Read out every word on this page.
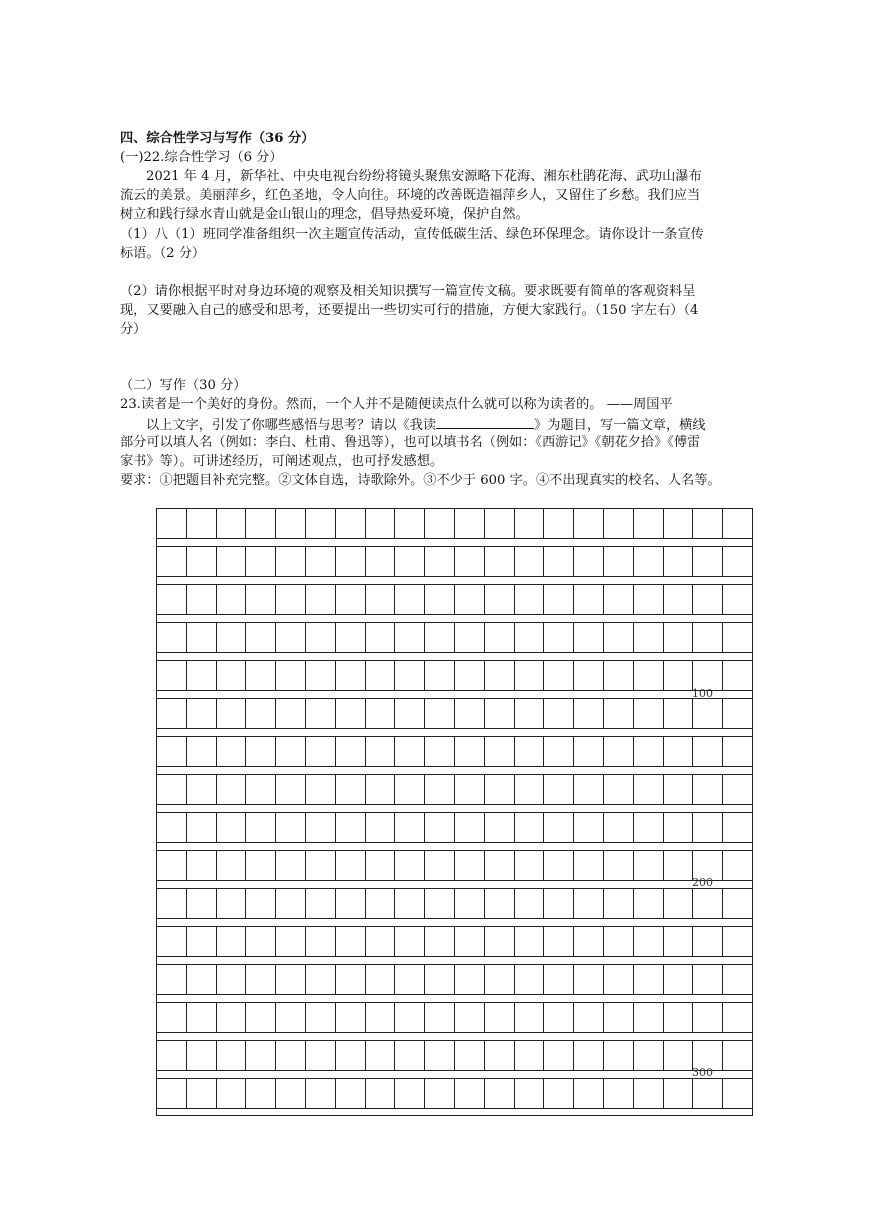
四、综合性学习与写作（36 分）
(一)22.综合性学习（6 分）
2021 年 4 月，新华社、中央电视台纷纷将镜头聚焦安源略下花海、湘东杜鹃花海、武功山瀑布
流云的美景。美丽萍乡，红色圣地，令人向往。环境的改善既造福萍乡人，又留住了乡愁。我们应当
树立和践行绿水青山就是金山银山的理念，倡导热爱环境，保护自然。
（1）八（1）班同学准备组织一次主题宣传活动，宣传低碳生活、绿色环保理念。请你设计一条宣传
标语。（2 分）
（2）请你根据平时对身边环境的观察及相关知识撰写一篇宣传文稿。要求既要有简单的客观资料呈
现，又要融入自己的感受和思考，还要提出一些切实可行的措施，方便大家践行。（150 字左右）（4
分）
（二）写作（30 分）
23.读者是一个美好的身份。然而，一个人并不是随便读点什么就可以称为读者的。 ——周国平
以上文字，引发了你哪些感悟与思考？请以《我读	》为题目，写一篇文章，横线
部分可以填人名（例如：李白、杜甫、鲁迅等），也可以填书名（例如：《西游记》《朝花夕拾》《傅雷
家书》等）。可讲述经历，可阐述观点，也可抒发感想。
要求：①把题目补充完整。②文体自选，诗歌除外。③不少于 600 字。④不出现真实的校名、人名等。
100
200
300
